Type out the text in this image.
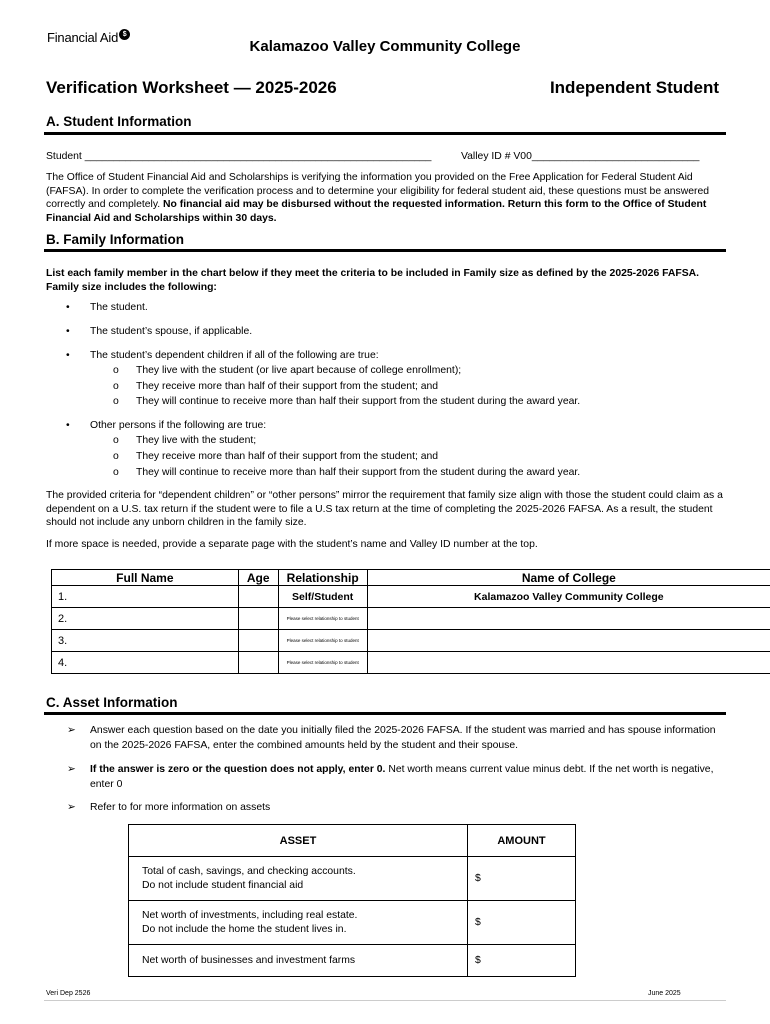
Financial Aid $
Kalamazoo Valley Community College
Verification Worksheet — 2025-2026	Independent Student
A. Student Information
Student ____________________________________________________________	Valley ID # V00_____________________________
The Office of Student Financial Aid and Scholarships is verifying the information you provided on the Free Application for Federal Student Aid (FAFSA). In order to complete the verification process and to determine your eligibility for federal student aid, these questions must be answered correctly and completely. No financial aid may be disbursed without the requested information. Return this form to the Office of Student Financial Aid and Scholarships within 30 days.
B. Family Information
List each family member in the chart below if they meet the criteria to be included in Family size as defined by the 2025-2026 FAFSA. Family size includes the following:
• The student.
• The student’s spouse, if applicable.
• The student’s dependent children if all of the following are true:
o They live with the student (or live apart because of college enrollment);
o They receive more than half of their support from the student; and
o They will continue to receive more than half their support from the student during the award year.
• Other persons if the following are true:
o They live with the student;
o They receive more than half of their support from the student; and
o They will continue to receive more than half their support from the student during the award year.
The provided criteria for “dependent children” or “other persons” mirror the requirement that family size align with those the student could claim as a dependent on a U.S. tax return if the student were to file a U.S tax return at the time of completing the 2025-2026 FAFSA. As a result, the student should not include any unborn children in the family size.
If more space is needed, provide a separate page with the student’s name and Valley ID number at the top.
Full Name	Age	Relationship	Name of College
1.		Self/Student	Kalamazoo Valley Community College
2.		Please select relationship to student	
3.		Please select relationship to student	
4.		Please select relationship to student	
C. Asset Information
➢ Answer each question based on the date you initially filed the 2025-2026 FAFSA. If the student was married and has spouse information on the 2025-2026 FAFSA, enter the combined amounts held by the student and their spouse.
➢ If the answer is zero or the question does not apply, enter 0. Net worth means current value minus debt. If the net worth is negative, enter 0
➢ Refer to for more information on assets
ASSET	AMOUNT
Total of cash, savings, and checking accounts.
Do not include student financial aid	$
Net worth of investments, including real estate.
Do not include the home the student lives in.	$
Net worth of businesses and investment farms	$
Veri Dep 2526	June 2025
